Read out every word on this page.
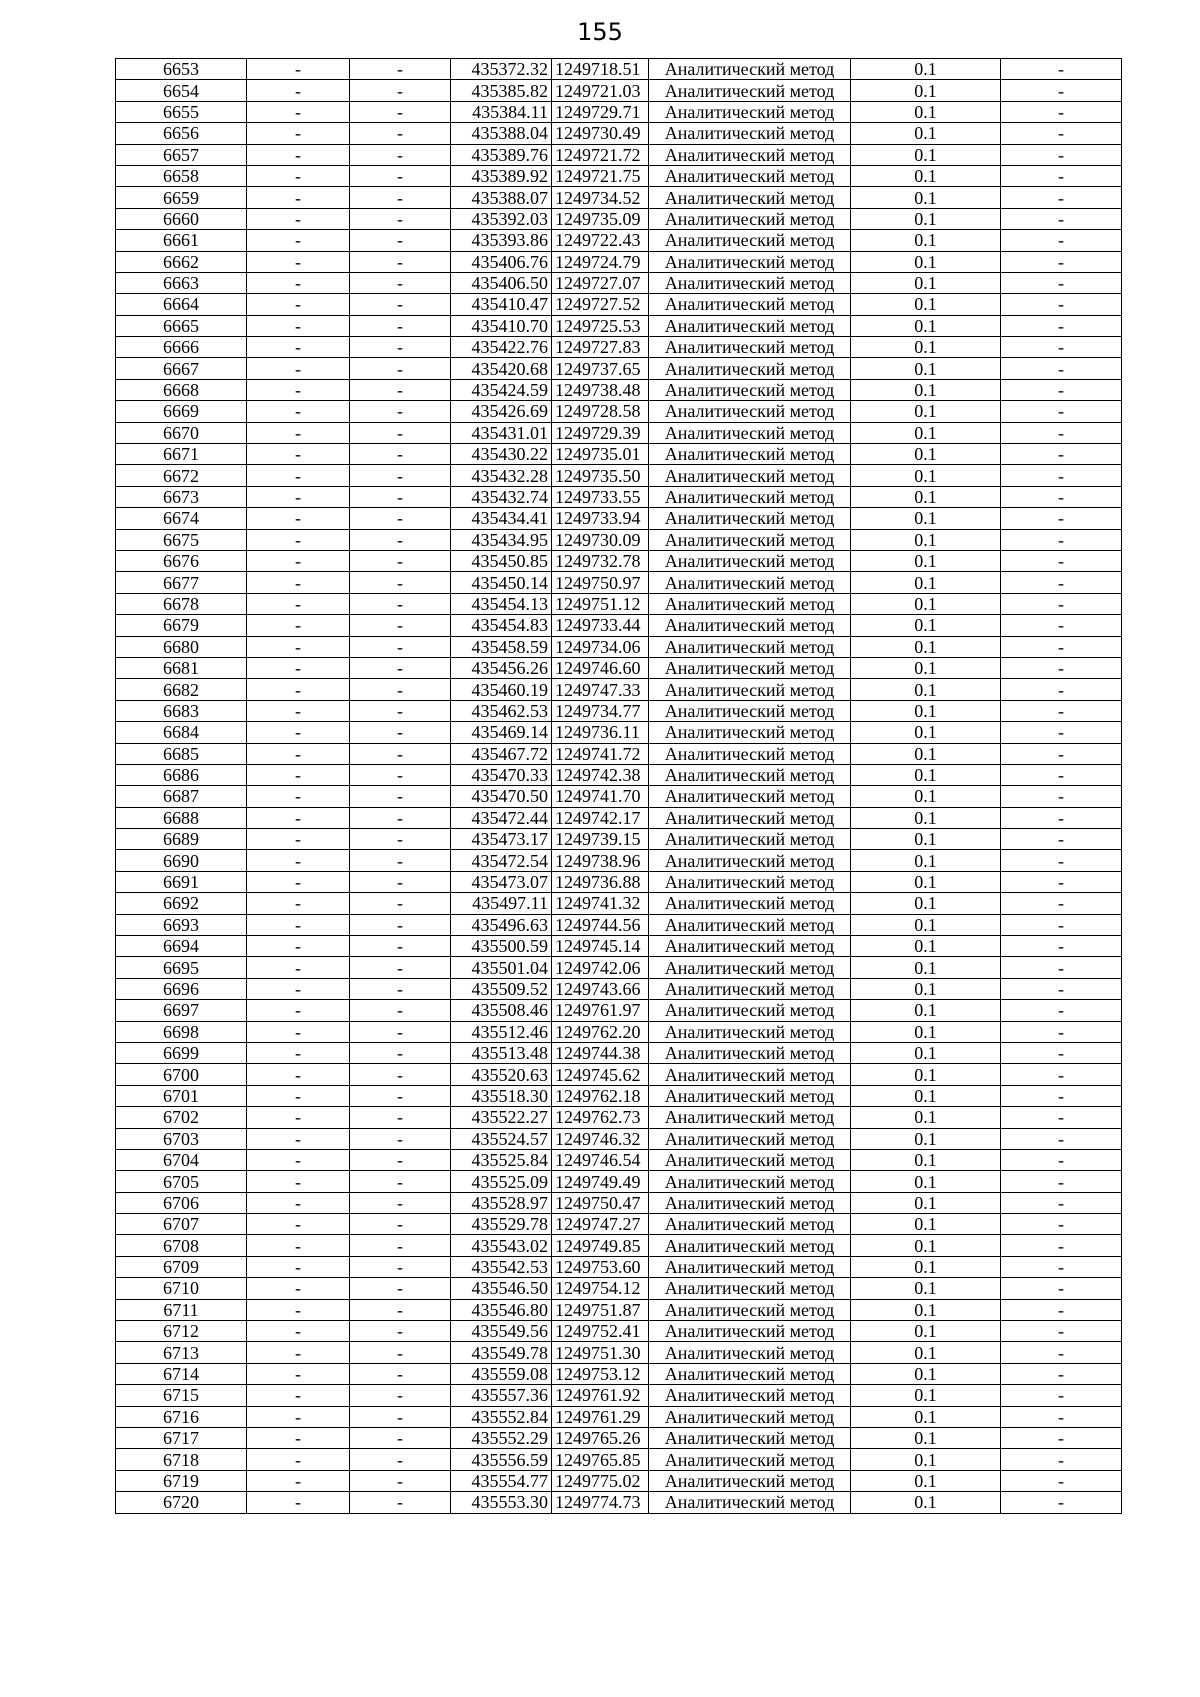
155
6653	-	-	435372.32	1249718.51	Аналитический метод	0.1	-
6654	-	-	435385.82	1249721.03	Аналитический метод	0.1	-
6655	-	-	435384.11	1249729.71	Аналитический метод	0.1	-
6656	-	-	435388.04	1249730.49	Аналитический метод	0.1	-
6657	-	-	435389.76	1249721.72	Аналитический метод	0.1	-
6658	-	-	435389.92	1249721.75	Аналитический метод	0.1	-
6659	-	-	435388.07	1249734.52	Аналитический метод	0.1	-
6660	-	-	435392.03	1249735.09	Аналитический метод	0.1	-
6661	-	-	435393.86	1249722.43	Аналитический метод	0.1	-
6662	-	-	435406.76	1249724.79	Аналитический метод	0.1	-
6663	-	-	435406.50	1249727.07	Аналитический метод	0.1	-
6664	-	-	435410.47	1249727.52	Аналитический метод	0.1	-
6665	-	-	435410.70	1249725.53	Аналитический метод	0.1	-
6666	-	-	435422.76	1249727.83	Аналитический метод	0.1	-
6667	-	-	435420.68	1249737.65	Аналитический метод	0.1	-
6668	-	-	435424.59	1249738.48	Аналитический метод	0.1	-
6669	-	-	435426.69	1249728.58	Аналитический метод	0.1	-
6670	-	-	435431.01	1249729.39	Аналитический метод	0.1	-
6671	-	-	435430.22	1249735.01	Аналитический метод	0.1	-
6672	-	-	435432.28	1249735.50	Аналитический метод	0.1	-
6673	-	-	435432.74	1249733.55	Аналитический метод	0.1	-
6674	-	-	435434.41	1249733.94	Аналитический метод	0.1	-
6675	-	-	435434.95	1249730.09	Аналитический метод	0.1	-
6676	-	-	435450.85	1249732.78	Аналитический метод	0.1	-
6677	-	-	435450.14	1249750.97	Аналитический метод	0.1	-
6678	-	-	435454.13	1249751.12	Аналитический метод	0.1	-
6679	-	-	435454.83	1249733.44	Аналитический метод	0.1	-
6680	-	-	435458.59	1249734.06	Аналитический метод	0.1	-
6681	-	-	435456.26	1249746.60	Аналитический метод	0.1	-
6682	-	-	435460.19	1249747.33	Аналитический метод	0.1	-
6683	-	-	435462.53	1249734.77	Аналитический метод	0.1	-
6684	-	-	435469.14	1249736.11	Аналитический метод	0.1	-
6685	-	-	435467.72	1249741.72	Аналитический метод	0.1	-
6686	-	-	435470.33	1249742.38	Аналитический метод	0.1	-
6687	-	-	435470.50	1249741.70	Аналитический метод	0.1	-
6688	-	-	435472.44	1249742.17	Аналитический метод	0.1	-
6689	-	-	435473.17	1249739.15	Аналитический метод	0.1	-
6690	-	-	435472.54	1249738.96	Аналитический метод	0.1	-
6691	-	-	435473.07	1249736.88	Аналитический метод	0.1	-
6692	-	-	435497.11	1249741.32	Аналитический метод	0.1	-
6693	-	-	435496.63	1249744.56	Аналитический метод	0.1	-
6694	-	-	435500.59	1249745.14	Аналитический метод	0.1	-
6695	-	-	435501.04	1249742.06	Аналитический метод	0.1	-
6696	-	-	435509.52	1249743.66	Аналитический метод	0.1	-
6697	-	-	435508.46	1249761.97	Аналитический метод	0.1	-
6698	-	-	435512.46	1249762.20	Аналитический метод	0.1	-
6699	-	-	435513.48	1249744.38	Аналитический метод	0.1	-
6700	-	-	435520.63	1249745.62	Аналитический метод	0.1	-
6701	-	-	435518.30	1249762.18	Аналитический метод	0.1	-
6702	-	-	435522.27	1249762.73	Аналитический метод	0.1	-
6703	-	-	435524.57	1249746.32	Аналитический метод	0.1	-
6704	-	-	435525.84	1249746.54	Аналитический метод	0.1	-
6705	-	-	435525.09	1249749.49	Аналитический метод	0.1	-
6706	-	-	435528.97	1249750.47	Аналитический метод	0.1	-
6707	-	-	435529.78	1249747.27	Аналитический метод	0.1	-
6708	-	-	435543.02	1249749.85	Аналитический метод	0.1	-
6709	-	-	435542.53	1249753.60	Аналитический метод	0.1	-
6710	-	-	435546.50	1249754.12	Аналитический метод	0.1	-
6711	-	-	435546.80	1249751.87	Аналитический метод	0.1	-
6712	-	-	435549.56	1249752.41	Аналитический метод	0.1	-
6713	-	-	435549.78	1249751.30	Аналитический метод	0.1	-
6714	-	-	435559.08	1249753.12	Аналитический метод	0.1	-
6715	-	-	435557.36	1249761.92	Аналитический метод	0.1	-
6716	-	-	435552.84	1249761.29	Аналитический метод	0.1	-
6717	-	-	435552.29	1249765.26	Аналитический метод	0.1	-
6718	-	-	435556.59	1249765.85	Аналитический метод	0.1	-
6719	-	-	435554.77	1249775.02	Аналитический метод	0.1	-
6720	-	-	435553.30	1249774.73	Аналитический метод	0.1	-
